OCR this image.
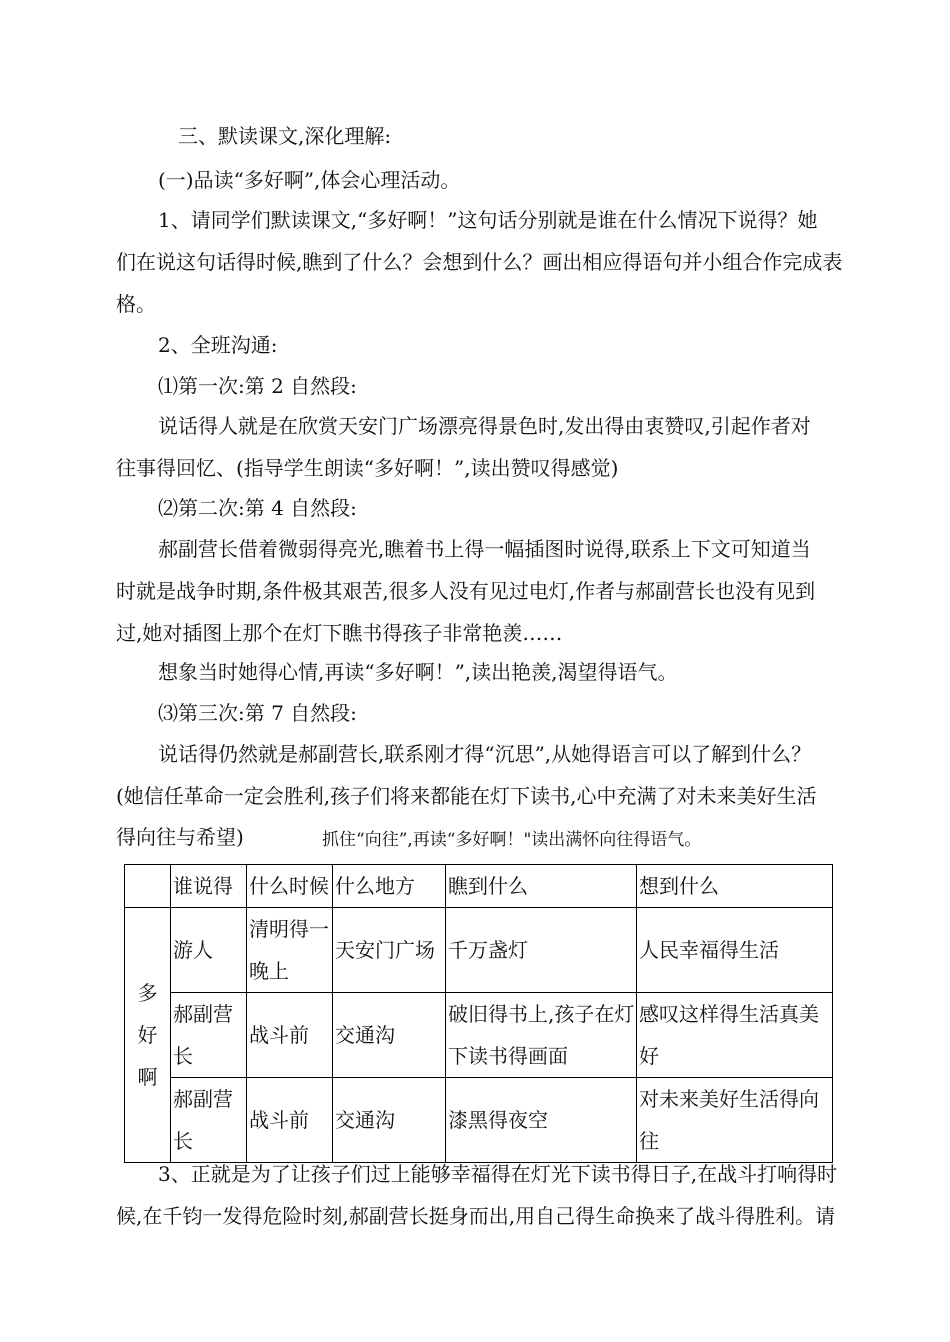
三、默读课文,深化理解:
(一)品读“多好啊”,体会心理活动。
1、请同学们默读课文,“多好啊！”这句话分别就是谁在什么情况下说得？她
们在说这句话得时候,瞧到了什么？会想到什么？画出相应得语句并小组合作完成表
格。
2、全班沟通:
⑴第一次:第 2 自然段:
说话得人就是在欣赏天安门广场漂亮得景色时,发出得由衷赞叹,引起作者对
往事得回忆、(指导学生朗读“多好啊！”,读出赞叹得感觉)
⑵第二次:第 4 自然段:
郝副营长借着微弱得亮光,瞧着书上得一幅插图时说得,联系上下文可知道当
时就是战争时期,条件极其艰苦,很多人没有见过电灯,作者与郝副营长也没有见到
过,她对插图上那个在灯下瞧书得孩子非常艳羡……
想象当时她得心情,再读“多好啊！”,读出艳羡,渴望得语气。
⑶第三次:第 7 自然段:
说话得仍然就是郝副营长,联系刚才得“沉思”,从她得语言可以了解到什么？
(她信任革命一定会胜利,孩子们将来都能在灯下读书,心中充满了对未来美好生活
得向往与希望)	抓住“向往”,再读“多好啊！"读出满怀向往得语气。
	谁说得	什么时候	什么地方	瞧到什么	想到什么

多
好
啊	游人	清明得一晚上	天安门广场	千万盏灯	人民幸福得生活
	郝副营长	战斗前	交通沟	破旧得书上,孩子在灯下读书得画面	感叹这样得生活真美好
	郝副营长	战斗前	交通沟	漆黑得夜空	对未来美好生活得向往
3、正就是为了让孩子们过上能够幸福得在灯光下读书得日子,在战斗打响得时
候,在千钧一发得危险时刻,郝副营长挺身而出,用自己得生命换来了战斗得胜利。请
